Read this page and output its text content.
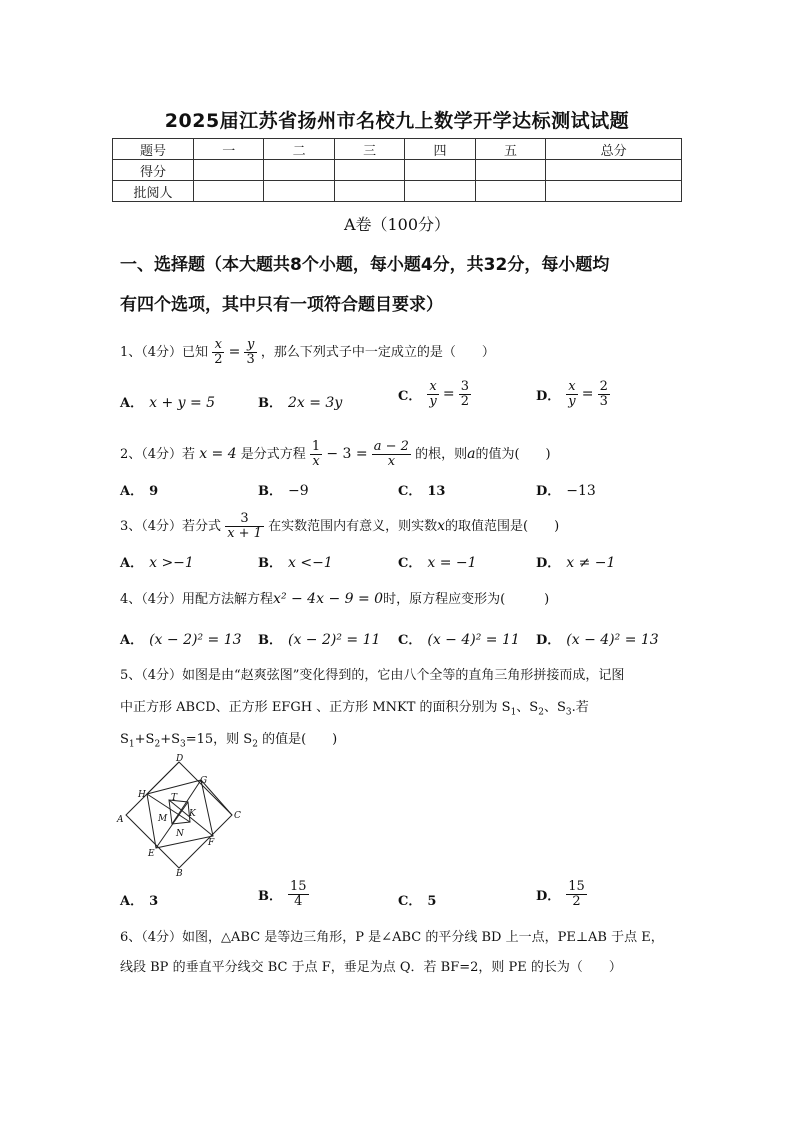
2025届江苏省扬州市名校九上数学开学达标测试试题
题号	一	二	三	四	五	总分
得分						
批阅人						
A卷（100分）
一、选择题（本大题共8个小题，每小题4分，共32分，每小题均
有四个选项，其中只有一项符合题目要求）
1、（4分）已知 $\frac{x}{2} = \frac{y}{3}$ ，那么下列式子中一定成立的是（　　）
A． x + y = 5	B． 2x = 3y	C． $\frac{x}{y} = \frac{3}{2}$	D． $\frac{x}{y} = \frac{2}{3}$
2、（4分）若 x = 4 是分式方程 $\frac{1}{x} - 3 = \frac{a - 2}{x}$ 的根，则a的值为(　　)
A． 9	B． −9	C． 13	D． −13
3、（4分）若分式 $\frac{3}{x + 1}$ 在实数范围内有意义，则实数x的取值范围是(　　)
A． x >−1	B． x <−1	C． x = −1	D． x ≠ −1
4、（4分）用配方法解方程x² − 4x − 9 = 0时，原方程应变形为(　　　)
A． (x − 2)² = 13 B． (x − 2)² = 11 C． (x − 4)² = 11 D． (x − 4)² = 13
5、（4分）如图是由“赵爽弦图”变化得到的，它由八个全等的直角三角形拼接而成，记图
中正方形 ABCD、正方形 EFGH 、正方形 MNKT 的面积分别为 $S_1$、$S_2$、$S_3$.若
$S_1+S_2+S_3=15$，则 $S_2$ 的值是(　　)
D
C
B
A
H
G
F
E
T
K
M
N
A． 3	B． $\frac{15}{4}$	C． 5	D． $\frac{15}{2}$
6、（4分）如图，△ABC 是等边三角形，P 是∠ABC 的平分线 BD 上一点，PE⊥AB 于点 E，
线段 BP 的垂直平分线交 BC 于点 F，垂足为点 Q．若 BF=2，则 PE 的长为（　　）
